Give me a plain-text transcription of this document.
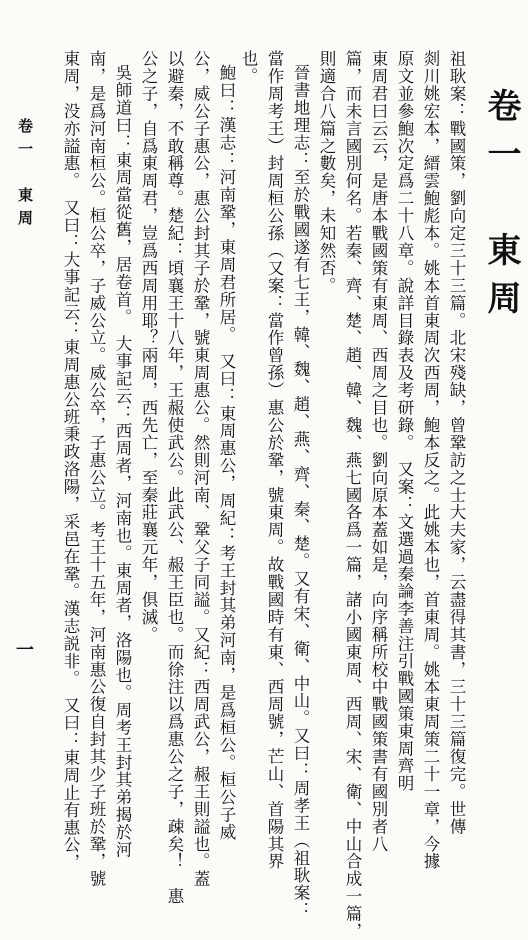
卷一　東周
祖耿案：戰國策，劉向定三十三篇。北宋殘缺，曾鞏訪之士大夫家，云盡得其書，三十三篇復完。世傳
剡川姚宏本，縉雲鮑彪本。姚本首東周次西周，鮑本反之。此姚本也，首東周。姚本東周策二十一章，今據
原文並參鮑次定爲二十八章。說詳目錄表及考研錄。　又案：文選過秦論李善注引戰國策東周齊明
東周君曰云云，是唐本戰國策有東周、西周之目也。劉向原本蓋如是，向序稱所校中戰國策書有國別者八
篇，而未言國別何名。若秦、齊、楚、趙、韓、魏、燕七國各爲一篇，諸小國東周、西周、宋、衛、中山合成一篇，
則適合八篇之數矣，未知然否。
晉書地理志：至於戰國遂有七王，韓、魏、趙、燕、齊、秦、楚。又有宋、衛、中山。又曰：周孝王（祖耿案：
當作周考王）封周桓公孫（又案：當作曾孫）惠公於鞏，號東周。故戰國時有東、西周號，芒山、首陽其界
也。
鮑曰：漢志：河南鞏，東周君所居。　又曰：東周惠公，周紀：考王封其弟河南，是爲桓公。桓公子威
公，威公子惠公，惠公封其子於鞏，號東周惠公。然則河南、鞏父子同謚。又紀：西周武公，赧王則謚也。蓋
以避秦，不敢稱尊。楚紀：頃襄王十八年，王赧使武公。此武公、赧王臣也。而徐注以爲惠公之子，疎矣！　惠
公之子，自爲東周君，豈爲西周用耶？兩周，西先亡，至秦莊襄元年，俱滅。
吳師道曰：東周當從舊，居卷首。　大事記云：西周者，河南也。東周者，洛陽也。周考王封其弟揭於河
南，是爲河南桓公。桓公卒，子威公立。威公卒，子惠公立。考王十五年，河南惠公復自封其少子班於鞏，號
東周，没亦謚惠。　又曰：大事記云：東周惠公班秉政洛陽，采邑在鞏。漢志説非。　又曰：東周止有惠公，
卷一　東周
一
